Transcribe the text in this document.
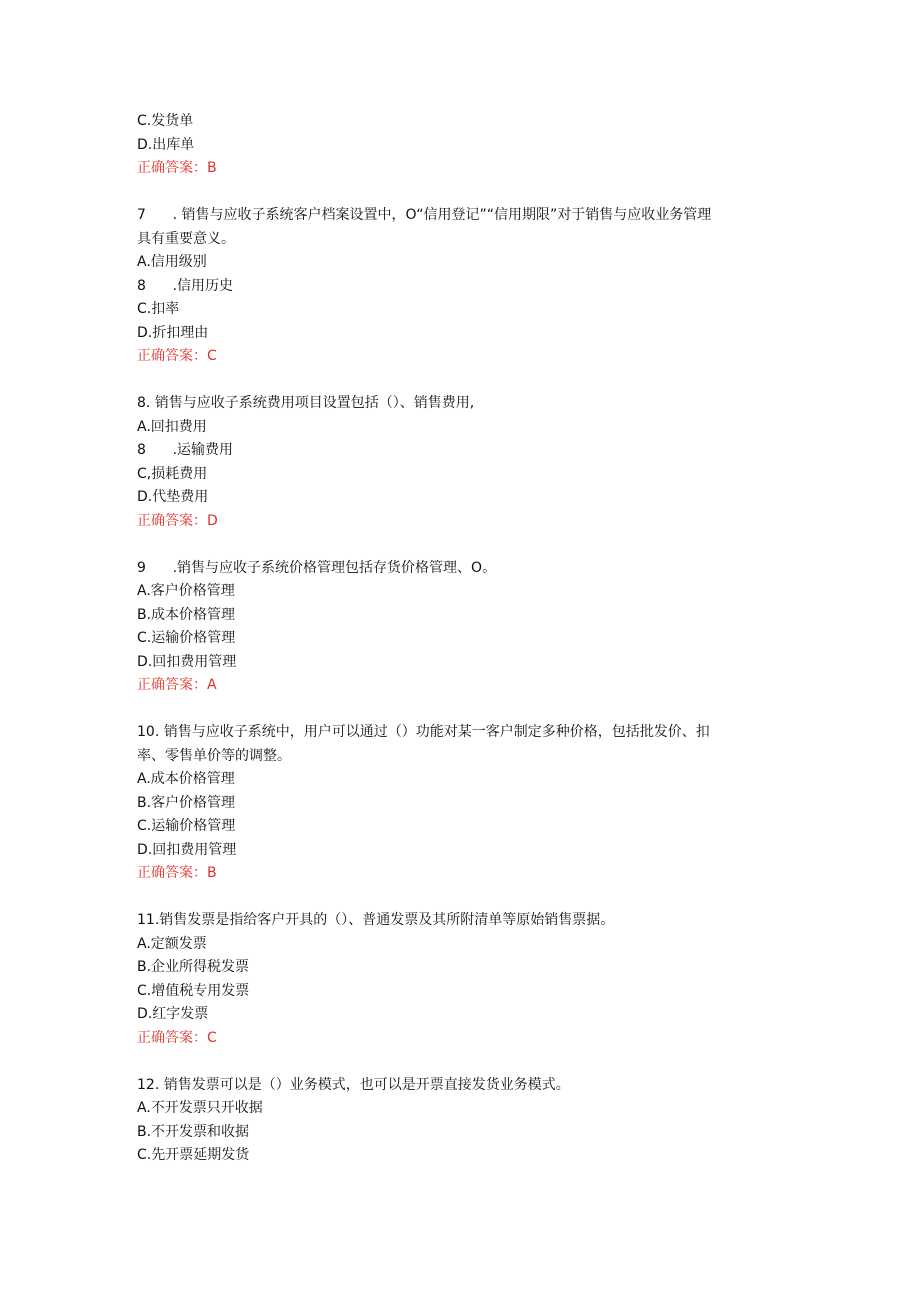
C.发货单
D.出库单
正确答案：B
7	. 销售与应收子系统客户档案设置中，O“信用登记”“信用期限”对于销售与应收业务管理
具有重要意义。
A.信用级别
8	.信用历史
C.扣率
D.折扣理由
正确答案：C
8. 销售与应收子系统费用项目设置包括（）、销售费用,
A.回扣费用
8	.运输费用
C,损耗费用
D.代垫费用
正确答案：D
9	.销售与应收子系统价格管理包括存货价格管理、O。
A.客户价格管理
B.成本价格管理
C.运输价格管理
D.回扣费用管理
正确答案：A
10. 销售与应收子系统中，用户可以通过（）功能对某一客户制定多种价格，包括批发价、扣
率、零售单价等的调整。
A.成本价格管理
B.客户价格管理
C.运输价格管理
D.回扣费用管理
正确答案：B
11.销售发票是指给客户开具的（）、普通发票及其所附清单等原始销售票据。
A.定额发票
B.企业所得税发票
C.增值税专用发票
D.红字发票
正确答案：C
12. 销售发票可以是（）业务模式，也可以是开票直接发货业务模式。
A.不开发票只开收据
B.不开发票和收据
C.先开票延期发货
